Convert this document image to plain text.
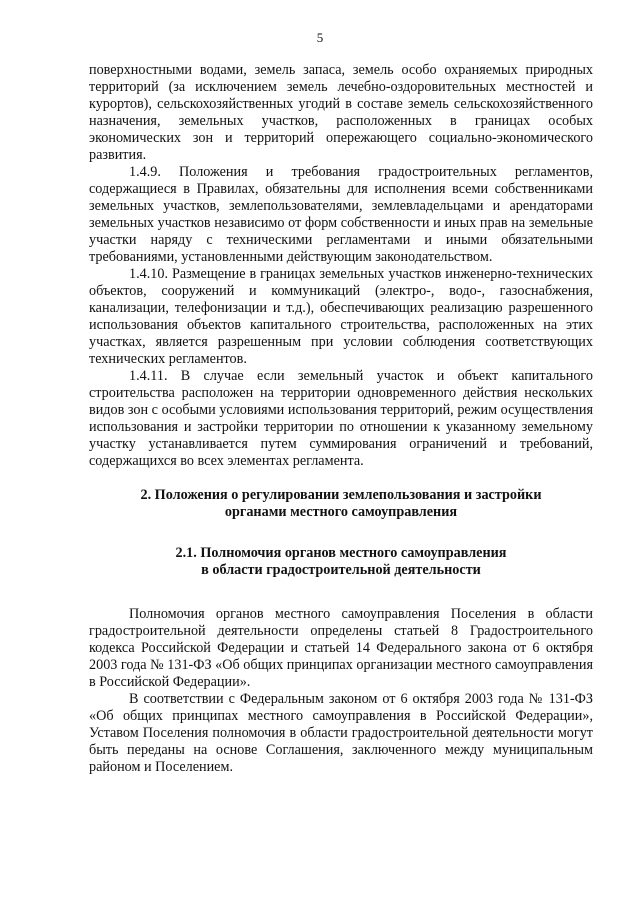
5

поверхностными водами, земель запаса, земель особо охраняемых природных территорий (за исключением земель лечебно-оздоровительных местностей и курортов), сельскохозяйственных угодий в составе земель сельскохозяйственного назначения, земельных участков, расположенных в границах особых экономических зон и территорий опережающего социально-экономического развития.

1.4.9. Положения и требования градостроительных регламентов, содержащиеся в Правилах, обязательны для исполнения всеми собственниками земельных участков, землепользователями, землевладельцами и арендаторами земельных участков независимо от форм собственности и иных прав на земельные участки наряду с техническими регламентами и иными обязательными требованиями, установленными действующим законодательством.

1.4.10. Размещение в границах земельных участков инженерно-технических объектов, сооружений и коммуникаций (электро-, водо-, газоснабжения, канализации, телефонизации и т.д.), обеспечивающих реализацию разрешенного использования объектов капитального строительства, расположенных на этих участках, является разрешенным при условии соблюдения соответствующих технических регламентов.

1.4.11. В случае если земельный участок и объект капитального строительства расположен на территории одновременного действия нескольких видов зон с особыми условиями использования территорий, режим осуществления использования и застройки территории по отношении к указанному земельному участку устанавливается путем суммирования ограничений и требований, содержащихся во всех элементах регламента.

2. Положения о регулировании землепользования и застройки
органами местного самоуправления
2.1. Полномочия органов местного самоуправления
в области градостроительной деятельности

Полномочия органов местного самоуправления Поселения в области градостроительной деятельности определены статьей 8 Градостроительного кодекса Российской Федерации и статьей 14 Федерального закона от 6 октября 2003 года № 131-ФЗ «Об общих принципах организации местного самоуправления в Российской Федерации».

В соответствии с Федеральным законом от 6 октября 2003 года № 131-ФЗ «Об общих принципах местного самоуправления в Российской Федерации», Уставом Поселения полномочия в области градостроительной деятельности могут быть переданы на основе Соглашения, заключенного между муниципальным районом и Поселением.
